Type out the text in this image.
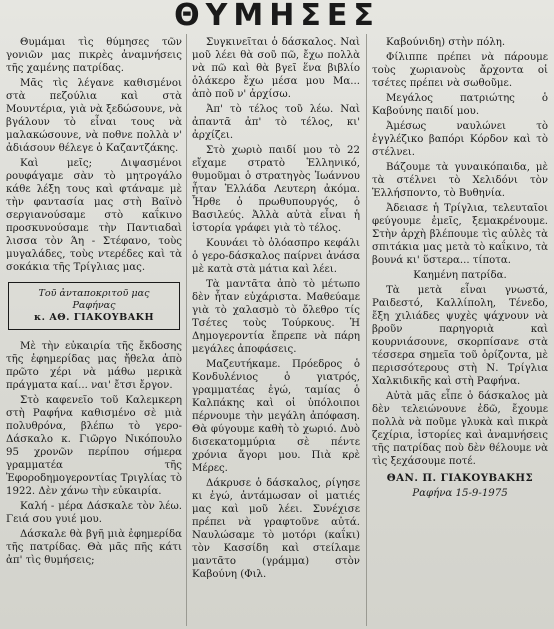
ΘΥΜΗΣΕΣ

Θυμάμαι τὶς θύμησες τῶν γονιῶν μας πικρὲς ἀναμνήσεις τῆς χαμένης πατρίδας.

Μᾶς τὶς λέγανε καθισμένοι στὰ πεζούλια καὶ στὰ Μουντέρια, γιὰ νὰ ξεδώσουνε, νὰ βγάλουν τὸ εἶναι τους νὰ μαλακώσουνε, νὰ ποθνε πολλὰ ν' ἀδιάσουν θέλεγε ὁ Καζαντζάκης.

Καὶ μεῖς; Διψασμένοι ρουφάγαμε σὰν τὸ μητρογάλο κάθε λέξη τους καὶ φτάναμε μὲ τὴν φαντασία μας στὴ Βαϊνὸ σεργιανούσαμε στὸ καΐκινο προσκυνούσαμε τὴν Παντιαδαὶ λισσα τὸν Άη - Στέφανο, τοὺς μυγαλάδες, τοὺς ντερέδες καὶ τὰ σοκάκια τῆς Τρίγλιας μας.

Τοῦ ἀνταποκριτοῦ μας
Ραφήνας
κ. ΑΘ. ΓΙΑΚΟΥΒΑΚΗ

Μὲ τὴν εὐκαιρία τῆς ἔκδοσης τῆς ἐφημερίδας μας ἤθελα ἀπὸ πρῶτο χέρι νὰ μάθω μερικὰ πράγματα καί... ναι' ἔτσι ἔργον.

Στὸ καφενεῖο τοῦ Καλεμκερη στὴ Ραφήνα καθισμένο σὲ μιὰ πολυθρόνα, βλέπω τὸ γερο-Δάσκαλο κ. Γιῶργο Νικόπουλο 95 χρονῶν περίπου σήμερα γραμματέα τῆς Ἐφοροδημογεροντίας Τριγλίας τὸ 1922. Δὲν χάνω τὴν εὐκαιρία.

Καλή - μέρα Δάσκαλε τὸν λέω. Γειά σου γυιέ μου.

Δάσκαλε θὰ βγῆ μιὰ ἐφημερίδα τῆς πατρίδας. Θὰ μᾶς πῆς κάτι ἀπ' τὶς θυμήσεις;

Συγκινεῖται ὁ δάσκαλος. Ναὶ μοῦ λέει θὰ σοῦ πῶ, ἔχω πολλὰ νὰ πῶ καὶ θὰ βγεῖ ἕνα βιβλίο ὁλάκερο ἔχω μέσα μου Μα... ἀπὸ ποῦ ν' ἀρχίσω.

Ἀπ' τὸ τέλος τοῦ λέω. Ναὶ ἀπαντᾶ ἀπ' τὸ τέλος, κι' ἀρχίζει.

Στὸ χωριὸ παιδί μου τὸ 22 εἴχαμε στρατὸ Ἑλληνικό, θυμοῦμαι ὁ στρατηγὸς Ἰωάννου ἦταν Ἑλλάδα Λευτερη ἀκόμα. Ἦρθε ὁ πρωθυπουργός, ὁ Βασιλεύς. Ἀλλὰ αὐτὰ εἶναι ἡ ἱστορία γράφει γιὰ τὸ τέλος.

Κουνάει τὸ ὀλόασπρο κεφάλι ὁ γερο-δάσκαλος παίρνει ἀνάσα μὲ κατὰ στὰ μάτια καὶ λέει.

Τὰ μαντᾶτα ἀπὸ τὸ μέτωπο δὲν ἦταν εὐχάριστα. Μαθεύαμε γιὰ τὸ χαλασμὸ τὸ ὄλεθρο τίς Τσέτες τοὺς Τούρκους. Ἡ Δημογεροντία ἔπρεπε νὰ πάρη μεγάλες ἀποφάσεις.

Μαζευτήκαμε. Πρόεδρος ὁ Κονδυλένιος ὁ γιατρός, γραμματέας ἐγώ, ταμίας ὁ Καλπάκης καὶ οἱ ὑπόλοιποι πέρνουμε τὴν μεγάλη ἀπόφαση. Θὰ φύγουμε καθὴ τὸ χωριό. Δυὸ δισεκατομμύρια σὲ πέντε χρόνια ἄγορι μου. Πιὰ κρὲ Μέρες.

Δάκρυσε ὁ δάσκαλος, ρίγησε κι ἐγώ, ἀντάμωσαν οἱ ματιές μας καὶ μοῦ λέει. Συνέχισε πρέπει νὰ γραφτοῦνε αὐτά. Ναυλώσαμε τὸ μοτόρι (καΐκι) τὸν Κασσίδη καὶ στείλαμε μαντᾶτο (γράμμα) στὸν Καβούνη (Φιλ.

Καβούνιδη) στὴν πόλη.

Φίλιππε πρέπει νὰ πάρουμε τοὺς χωριανοὺς ἄρχοντα οἱ τσέτες πρέπει νὰ σωθοῦμε.

Μεγάλος πατριώτης ὁ Καβούνης παιδί μου.

Ἀμέσως ναυλώνει τὸ ἐγγλέζικο βαπόρι Κόρδον καὶ τὸ στέλνει.

Βάζουμε τὰ γυναικόπαιδα, μὲ τὰ στέλνει τὸ Χελιδόνι τὸν Ἑλλήσποντο, τὸ Βυθηνία.

Ἀδειασε ἡ Τρίγλια, τελευταῖοι φεύγουμε ἐμεῖς, ξεμακρένουμε. Στὴν ἀρχὴ βλέπουμε τὶς αὐλὲς τὰ σπιτάκια μας μετὰ τὸ καΐκινο, τὰ βουνά κι' ὕστερα... τίποτα.

Καημένη πατρίδα.

Τὰ μετὰ εἶναι γνωστά, Ραιδεστό, Καλλίπολη, Τένεδο, ἔξη χιλιάδες ψυχὲς ψάχνουν νὰ βροῦν παρηγοριὰ καὶ κουρνιάσουνε, σκορπίσανε στὰ τέσσερα σημεῖα τοῦ ὁρίζοντα, μὲ περισσότερους στὴ Ν. Τρίγλια Χαλκιδικῆς καὶ στὴ Ραφήνα.

Αὐτὰ μᾶς εἶπε ὁ δάσκαλος μὰ δὲν τελειώνουνε ἐδῶ, ἔχουμε πολλὰ νὰ ποῦμε γλυκὰ καὶ πικρὰ ζεχίρια, ἱστορίες καὶ ἀναμνήσεις τῆς πατρίδας ποὺ δὲν θέλουμε νὰ τὶς ξεχάσουμε ποτέ.

ΘΑΝ. Π. ΓΙΑΚΟΥΒΑΚΗΣ

Ραφήνα 15-9-1975
